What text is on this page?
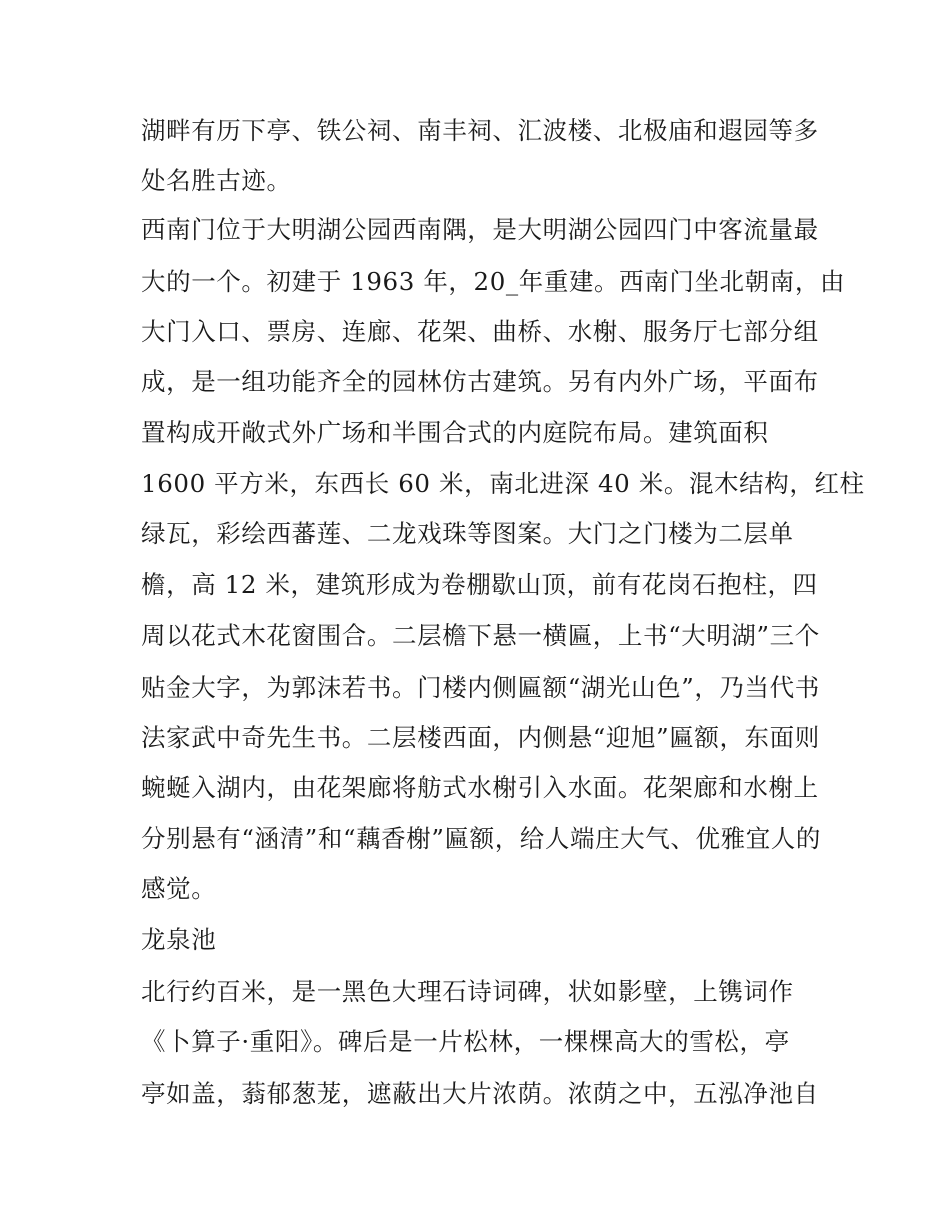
湖畔有历下亭、铁公祠、南丰祠、汇波楼、北极庙和遐园等多
处名胜古迹。
西南门位于大明湖公园西南隅，是大明湖公园四门中客流量最
大的一个。初建于 1963 年，20_年重建。西南门坐北朝南，由
大门入口、票房、连廊、花架、曲桥、水榭、服务厅七部分组
成，是一组功能齐全的园林仿古建筑。另有内外广场，平面布
置构成开敞式外广场和半围合式的内庭院布局。建筑面积
1600 平方米，东西长 60 米，南北进深 40 米。混木结构，红柱
绿瓦，彩绘西蕃莲、二龙戏珠等图案。大门之门楼为二层单
檐，高 12 米，建筑形成为卷棚歇山顶，前有花岗石抱柱，四
周以花式木花窗围合。二层檐下悬一横匾，上书“大明湖”三个
贴金大字，为郭沫若书。门楼内侧匾额“湖光山色”，乃当代书
法家武中奇先生书。二层楼西面，内侧悬“迎旭”匾额，东面则
蜿蜒入湖内，由花架廊将舫式水榭引入水面。花架廊和水榭上
分别悬有“涵清”和“藕香榭”匾额，给人端庄大气、优雅宜人的
感觉。
龙泉池
北行约百米，是一黑色大理石诗词碑，状如影壁，上镌词作
《卜算子·重阳》。碑后是一片松林，一棵棵高大的雪松，亭
亭如盖，蓊郁葱茏，遮蔽出大片浓荫。浓荫之中，五泓净池自
